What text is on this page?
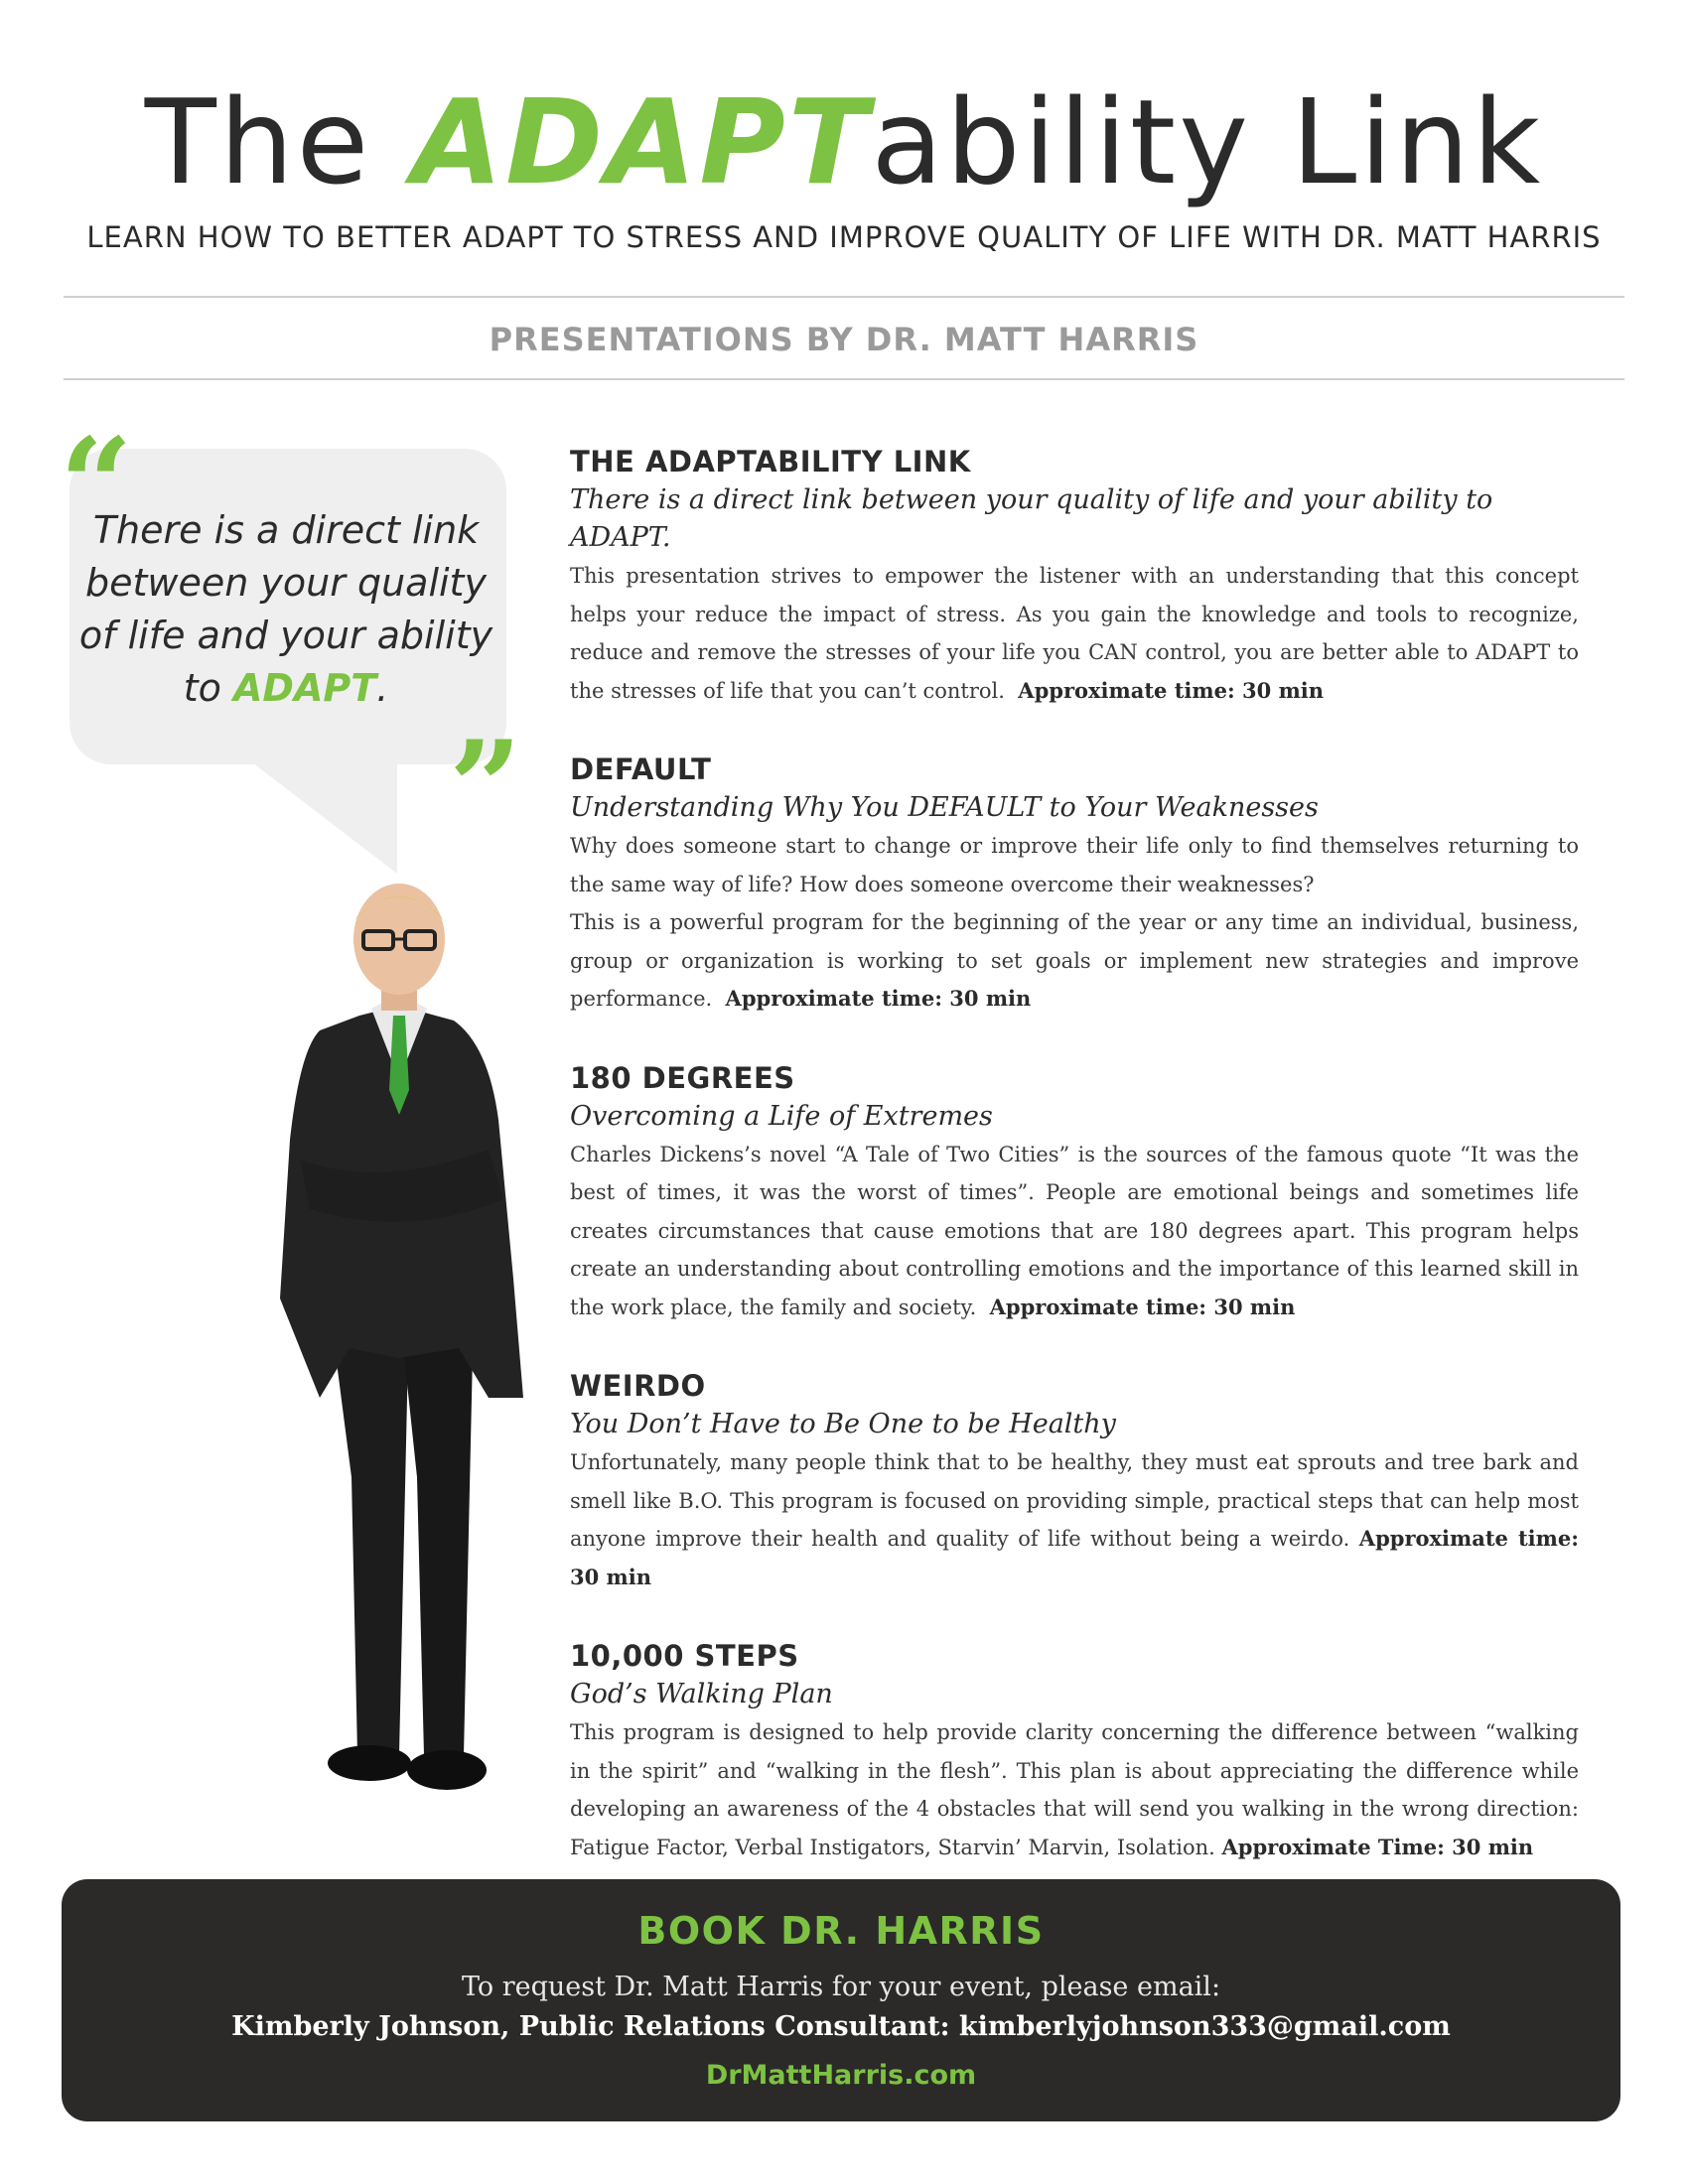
The ADAPTability Link
LEARN HOW TO BETTER ADAPT TO STRESS AND IMPROVE QUALITY OF LIFE WITH DR. MATT HARRIS
PRESENTATIONS BY DR. MATT HARRIS
“
”
There is a direct link between your quality of life and your ability to ADAPT.
THE ADAPTABILITY LINK
There is a direct link between your quality of life and your ability to ADAPT.
This presentation strives to empower the listener with an understanding that this concept helps your reduce the impact of stress. As you gain the knowledge and tools to recognize, reduce and remove the stresses of your life you CAN control, you are better able to ADAPT to the stresses of life that you can’t control. Approximate time: 30 min
DEFAULT
Understanding Why You DEFAULT to Your Weaknesses
Why does someone start to change or improve their life only to find themselves returning to the same way of life? How does someone overcome their weaknesses?
This is a powerful program for the beginning of the year or any time an individual, business, group or organization is working to set goals or implement new strategies and improve performance. Approximate time: 30 min
180 DEGREES
Overcoming a Life of Extremes
Charles Dickens’s novel “A Tale of Two Cities” is the sources of the famous quote “It was the best of times, it was the worst of times”. People are emotional beings and sometimes life creates circumstances that cause emotions that are 180 degrees apart. This program helps create an understanding about controlling emotions and the importance of this learned skill in the work place, the family and society. Approximate time: 30 min
WEIRDO
You Don’t Have to Be One to be Healthy
Unfortunately, many people think that to be healthy, they must eat sprouts and tree bark and smell like B.O. This program is focused on providing simple, practical steps that can help most anyone improve their health and quality of life without being a weirdo. Approximate time: 30 min
10,000 STEPS
God’s Walking Plan
This program is designed to help provide clarity concerning the difference between “walking in the spirit” and “walking in the flesh”. This plan is about appreciating the difference while developing an awareness of the 4 obstacles that will send you walking in the wrong direction: Fatigue Factor, Verbal Instigators, Starvin’ Marvin, Isolation. Approximate Time: 30 min
BOOK DR. HARRIS
To request Dr. Matt Harris for your event, please email:
Kimberly Johnson, Public Relations Consultant: kimberlyjohnson333@gmail.com
DrMattHarris.com
